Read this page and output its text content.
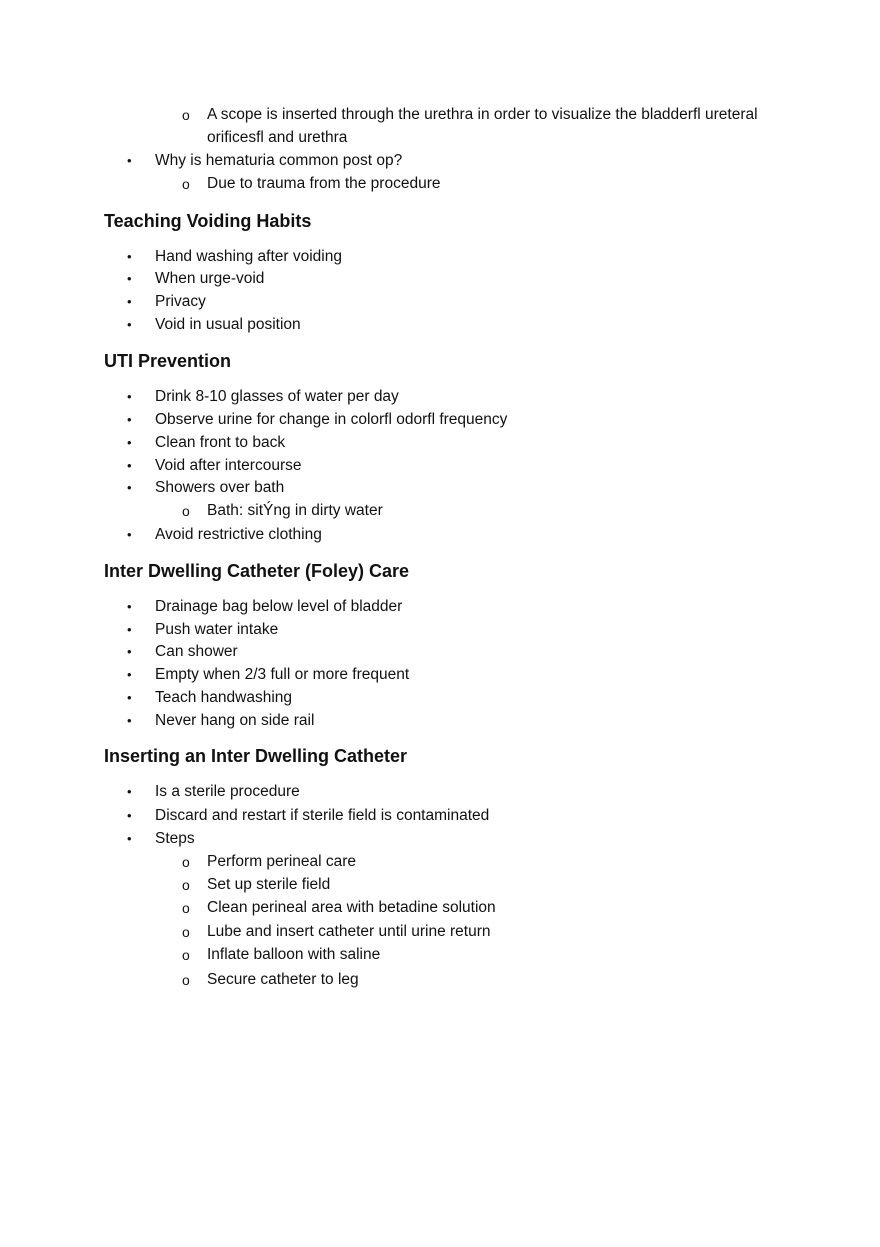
o A scope is inserted through the urethra in order to visualize the bladderfl ureteral
orificesfl and urethra
• Why is hematuria common post op?
o Due to trauma from the procedure
Teaching Voiding Habits
• Hand washing after voiding
• When urge-void
• Privacy
• Void in usual position
UTI Prevention
• Drink 8-10 glasses of water per day
• Observe urine for change in colorfl odorfl frequency
• Clean front to back
• Void after intercourse
• Showers over bath
o Bath: sitÝng in dirty water
• Avoid restrictive clothing
Inter Dwelling Catheter (Foley) Care
• Drainage bag below level of bladder
• Push water intake
• Can shower
• Empty when 2/3 full or more frequent
• Teach handwashing
• Never hang on side rail
Inserting an Inter Dwelling Catheter
• Is a sterile procedure
• Discard and restart if sterile field is contaminated
• Steps
o Perform perineal care
o Set up sterile field
o Clean perineal area with betadine solution
o Lube and insert catheter until urine return
o Inflate balloon with saline
o Secure catheter to leg
